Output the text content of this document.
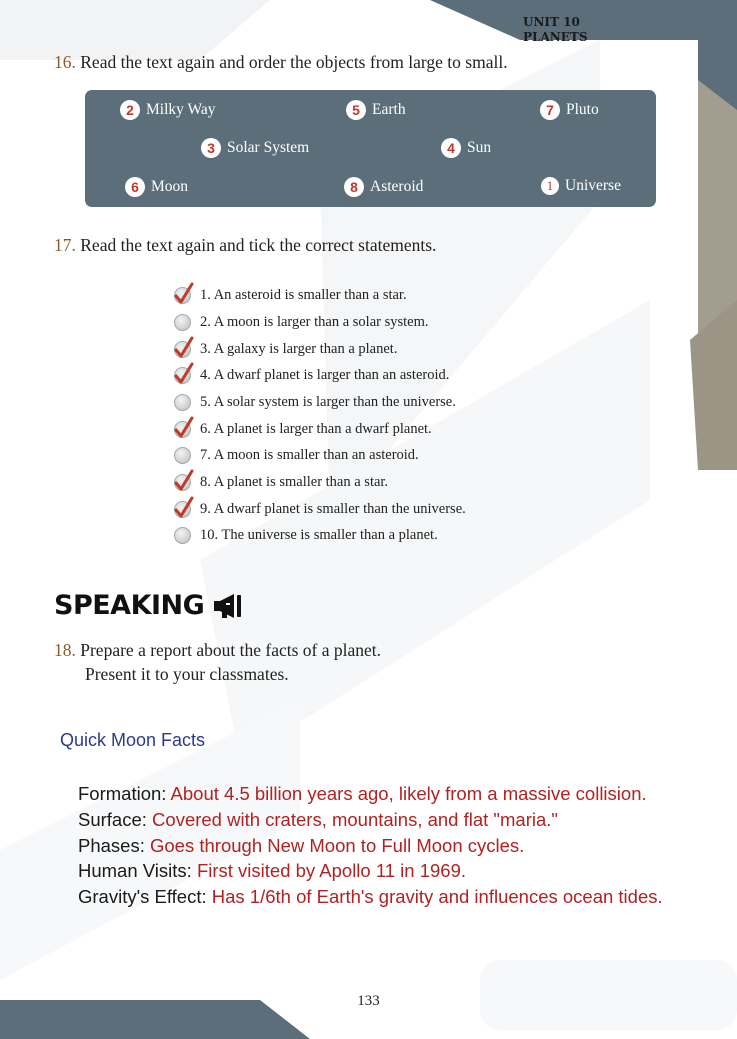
UNIT 10
PLANETS
16. Read the text again and order the objects from large to small.
2 Milky Way	5 Earth	7 Pluto
3 Solar System	4 Sun
6 Moon	8 Asteroid	1 Universe
17. Read the text again and tick the correct statements.
1. An asteroid is smaller than a star.
2. A moon is larger than a solar system.
3. A galaxy is larger than a planet.
4. A dwarf planet is larger than an asteroid.
5. A solar system is larger than the universe.
6. A planet is larger than a dwarf planet.
7. A moon is smaller than an asteroid.
8. A planet is smaller than a star.
9. A dwarf planet is smaller than the universe.
10. The universe is smaller than a planet.
SPEAKING
18. Prepare a report about the facts of a planet.
Present it to your classmates.
Quick Moon Facts
Formation: About 4.5 billion years ago, likely from a massive collision.
Surface: Covered with craters, mountains, and flat "maria."
Phases: Goes through New Moon to Full Moon cycles.
Human Visits: First visited by Apollo 11 in 1969.
Gravity's Effect: Has 1/6th of Earth's gravity and influences ocean tides.
133
